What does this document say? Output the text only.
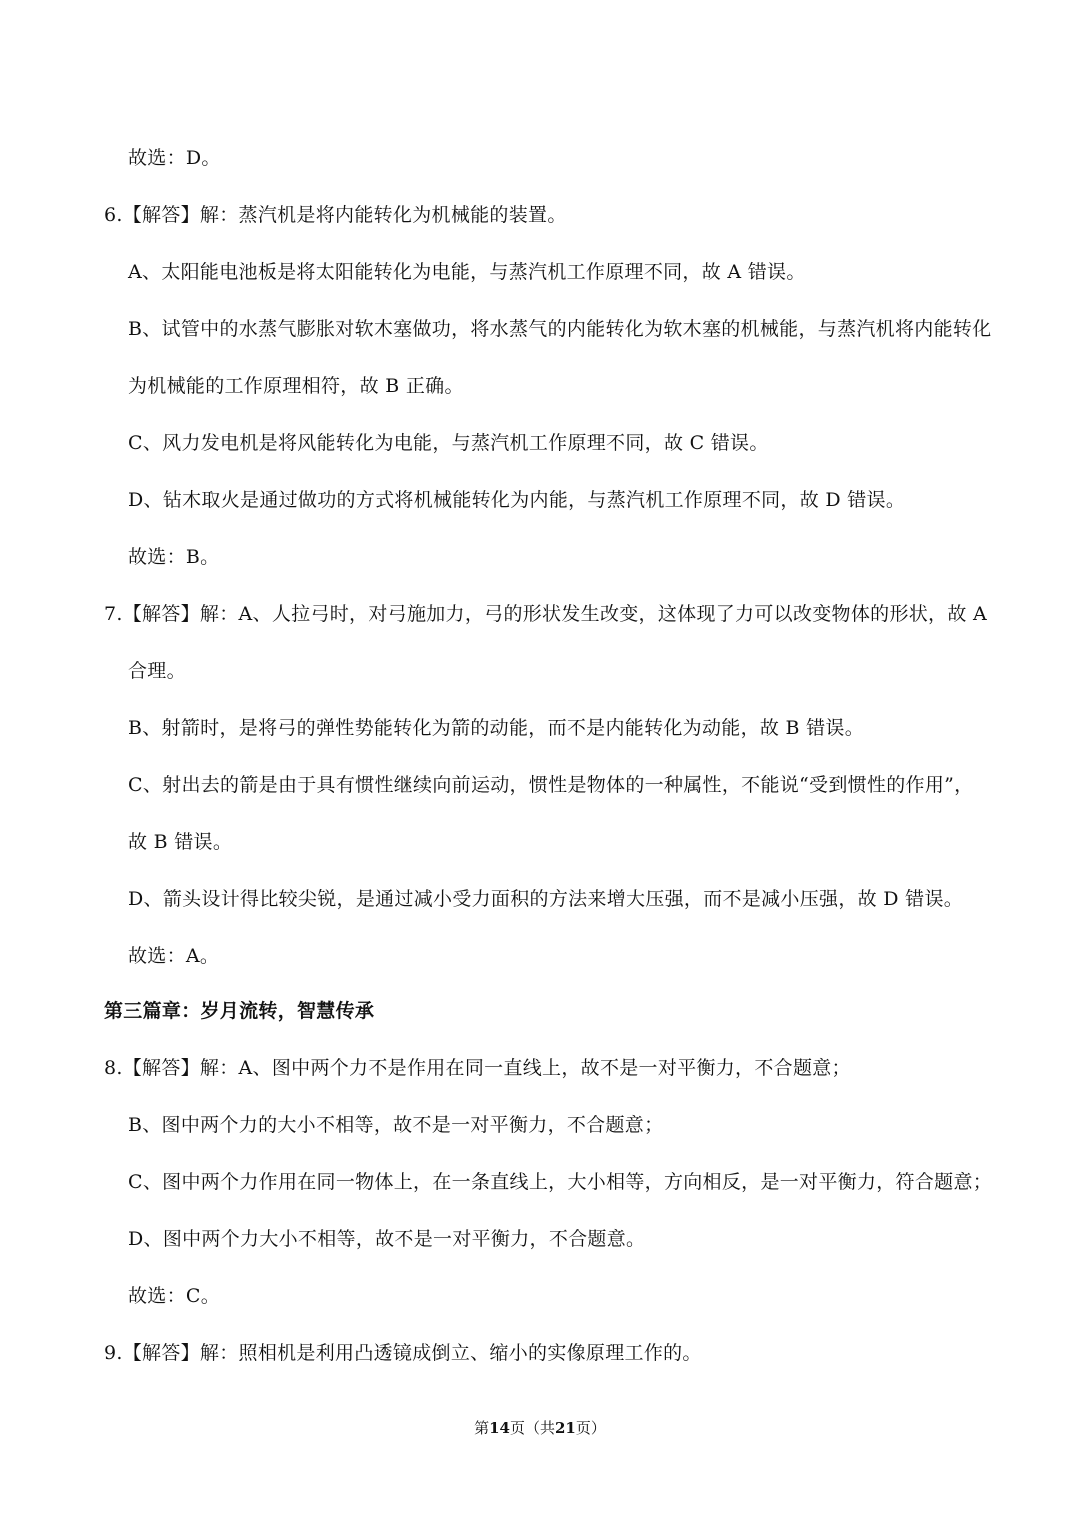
故选：D。
6.【解答】解：蒸汽机是将内能转化为机械能的装置。
A、太阳能电池板是将太阳能转化为电能，与蒸汽机工作原理不同，故 A 错误。
B、试管中的水蒸气膨胀对软木塞做功，将水蒸气的内能转化为软木塞的机械能，与蒸汽机将内能转化
为机械能的工作原理相符，故 B 正确。
C、风力发电机是将风能转化为电能，与蒸汽机工作原理不同，故 C 错误。
D、钻木取火是通过做功的方式将机械能转化为内能，与蒸汽机工作原理不同，故 D 错误。
故选：B。
7.【解答】解：A、人拉弓时，对弓施加力，弓的形状发生改变，这体现了力可以改变物体的形状，故 A
合理。
B、射箭时，是将弓的弹性势能转化为箭的动能，而不是内能转化为动能，故 B 错误。
C、射出去的箭是由于具有惯性继续向前运动，惯性是物体的一种属性，不能说“受到惯性的作用”，
故 B 错误。
D、箭头设计得比较尖锐，是通过减小受力面积的方法来增大压强，而不是减小压强，故 D 错误。
故选：A。
第三篇章：岁月流转，智慧传承
8.【解答】解：A、图中两个力不是作用在同一直线上，故不是一对平衡力，不合题意；
B、图中两个力的大小不相等，故不是一对平衡力，不合题意；
C、图中两个力作用在同一物体上，在一条直线上，大小相等，方向相反，是一对平衡力，符合题意；
D、图中两个力大小不相等，故不是一对平衡力，不合题意。
故选：C。
9.【解答】解：照相机是利用凸透镜成倒立、缩小的实像原理工作的。
第14页（共21页）
